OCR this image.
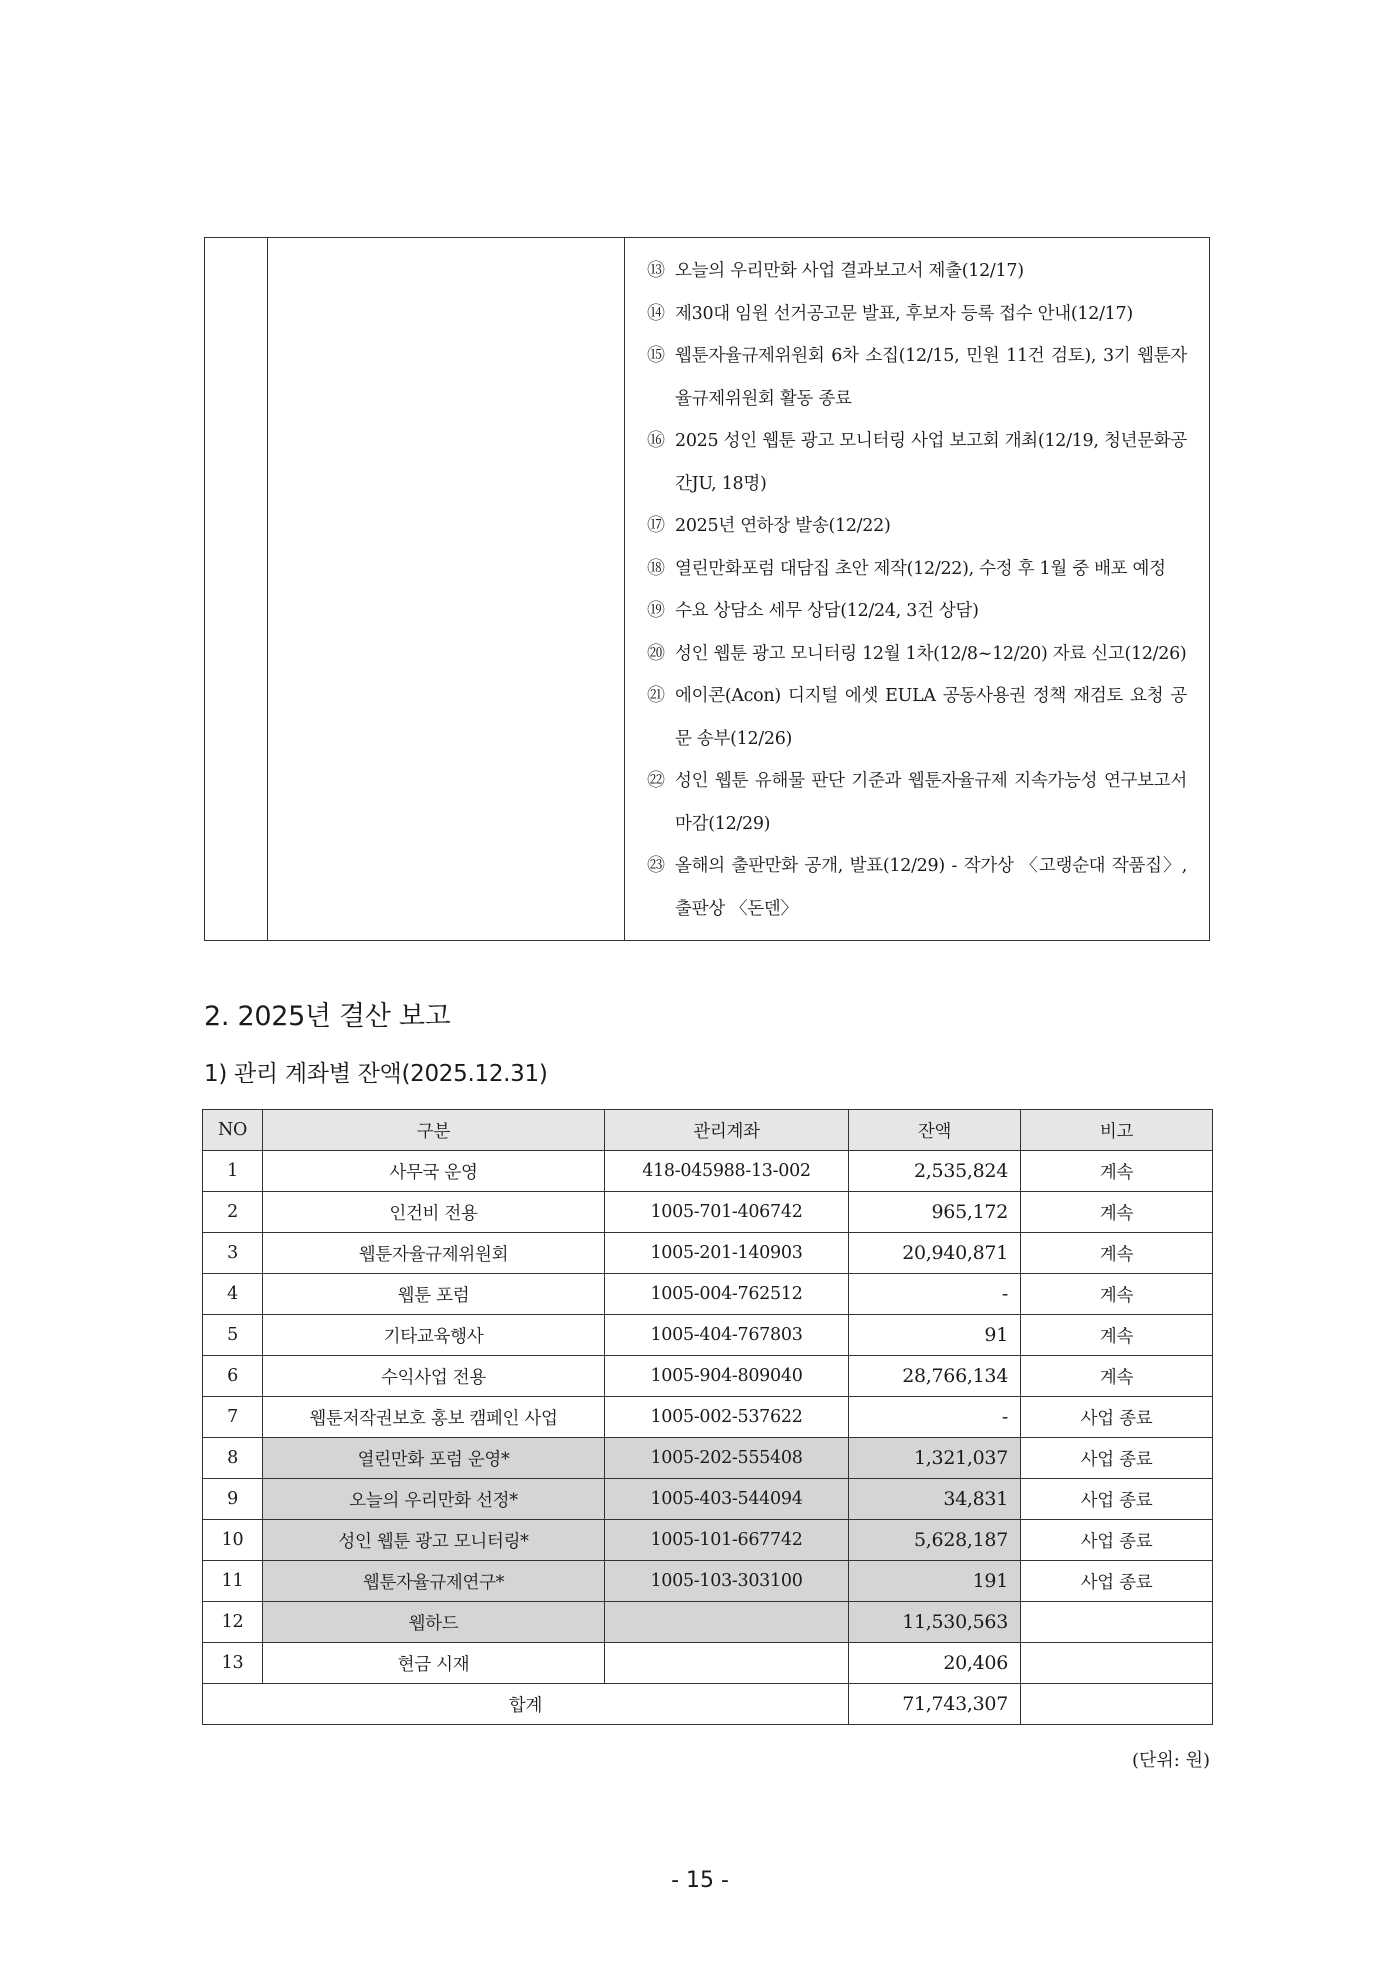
⑬ 오늘의 우리만화 사업 결과보고서 제출(12/17)
⑭ 제30대 임원 선거공고문 발표, 후보자 등록 접수 안내(12/17)
⑮ 웹툰자율규제위원회 6차 소집(12/15, 민원 11건 검토), 3기 웹툰자율규제위원회 활동 종료
⑯ 2025 성인 웹툰 광고 모니터링 사업 보고회 개최(12/19, 청년문화공간JU, 18명)
⑰ 2025년 연하장 발송(12/22)
⑱ 열린만화포럼 대담집 초안 제작(12/22), 수정 후 1월 중 배포 예정
⑲ 수요 상담소 세무 상담(12/24, 3건 상담)
⑳ 성인 웹툰 광고 모니터링 12월 1차(12/8~12/20) 자료 신고(12/26)
㉑ 에이콘(Acon) 디지털 에셋 EULA 공동사용권 정책 재검토 요청 공문 송부(12/26)
㉒ 성인 웹툰 유해물 판단 기준과 웹툰자율규제 지속가능성 연구보고서 마감(12/29)
㉓ 올해의 출판만화 공개, 발표(12/29) - 작가상 〈고랭순대 작품집〉, 출판상 〈돈덴〉
2. 2025년 결산 보고
1) 관리 계좌별 잔액(2025.12.31)
NO	구분	관리계좌	잔액	비고
1	사무국 운영	418-045988-13-002	2,535,824	계속
2	인건비 전용	1005-701-406742	965,172	계속
3	웹툰자율규제위원회	1005-201-140903	20,940,871	계속
4	웹툰 포럼	1005-004-762512	-	계속
5	기타교육행사	1005-404-767803	91	계속
6	수익사업 전용	1005-904-809040	28,766,134	계속
7	웹툰저작권보호 홍보 캠페인 사업	1005-002-537622	-	사업 종료
8	열린만화 포럼 운영*	1005-202-555408	1,321,037	사업 종료
9	오늘의 우리만화 선정*	1005-403-544094	34,831	사업 종료
10	성인 웹툰 광고 모니터링*	1005-101-667742	5,628,187	사업 종료
11	웹툰자율규제연구*	1005-103-303100	191	사업 종료
12	웹하드		11,530,563	
13	현금 시재		20,406	
합계			71,743,307	
(단위: 원)
- 15 -
